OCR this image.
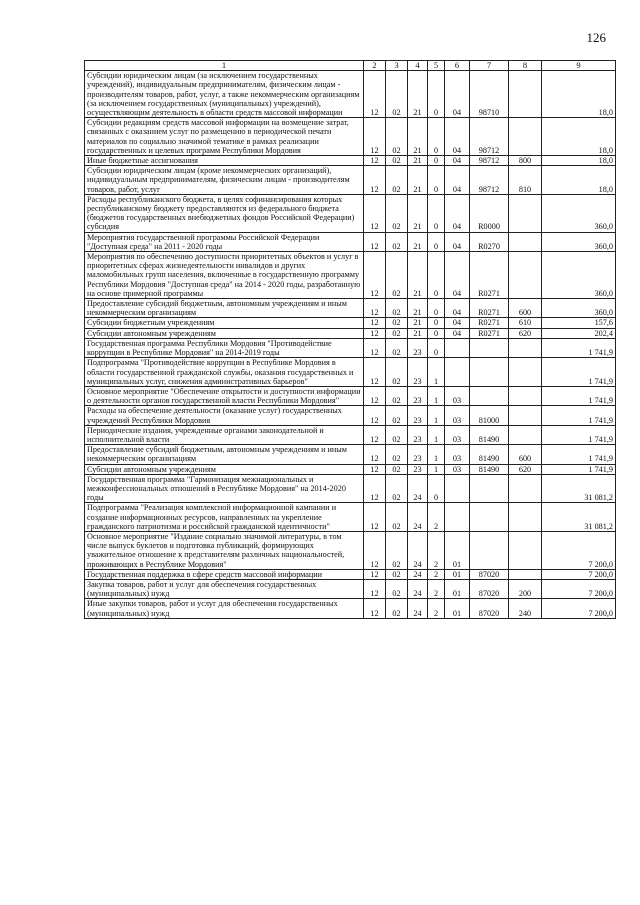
126
1	2	3	4	5	6	7	8	9
Субсидии юридическим лицам (за исключением государственных учреждений), индивидуальным предпринимателям, физическим лицам - производителям товаров, работ, услуг, а также некоммерческим организациям (за исключением государственных (муниципальных) учреждений), осуществляющим деятельность в области средств массовой информации	12	02	21	0	04	98710		18,0
Субсидии редакциям средств массовой информации на возмещение затрат, связанных с оказанием услуг по размещению в периодической печати материалов по социально значимой тематике в рамках реализации государственных и целевых программ Республики Мордовия	12	02	21	0	04	98712		18,0
Иные бюджетные ассигнования	12	02	21	0	04	98712	800	18,0
Субсидии юридическим лицам (кроме некоммерческих организаций), индивидуальным предпринимателям, физическим лицам - производителям товаров, работ, услуг	12	02	21	0	04	98712	810	18,0
Расходы республиканского бюджета, в целях софинансирования которых республиканскому бюджету предоставляются из федерального бюджета (бюджетов государственных внебюджетных фондов Российской Федерации) субсидия	12	02	21	0	04	R0000		360,0
Мероприятия государственной программы Российской Федерации "Доступная среда" на 2011 - 2020 годы	12	02	21	0	04	R0270		360,0
Мероприятия по обеспечению доступности приоритетных объектов и услуг в приоритетных сферах жизнедеятельности инвалидов и других маломобильных групп населения, включенные в государственную программу Республики Мордовия "Доступная среда" на 2014 - 2020 годы, разработанную на основе примерной программы	12	02	21	0	04	R0271		360,0
Предоставление субсидий бюджетным, автономным учреждениям и иным некоммерческим организациям	12	02	21	0	04	R0271	600	360,0
Субсидии бюджетным учреждениям	12	02	21	0	04	R0271	610	157,6
Субсидии автономным учреждениям	12	02	21	0	04	R0271	620	202,4
Государственная программа Республики Мордовия "Противодействие коррупции в Республике Мордовия" на 2014-2019 годы	12	02	23	0				1 741,9
Подпрограмма "Противодействие коррупции в Республике Мордовия в области государственной гражданской службы, оказания государственных и муниципальных услуг, снижения административных барьеров"	12	02	23	1				1 741,9
Основное мероприятие "Обеспечение открытости и доступности информации о деятельности органов государственной власти Республики Мордовия"	12	02	23	1	03			1 741,9
Расходы на обеспечение деятельности (оказание услуг) государственных учреждений Республики Мордовия	12	02	23	1	03	81000		1 741,9
Периодические издания, учрежденные органами законодательной и исполнительной власти	12	02	23	1	03	81490		1 741,9
Предоставление субсидий бюджетным, автономным учреждениям и иным некоммерческим организациям	12	02	23	1	03	81490	600	1 741,9
Субсидии автономным учреждениям	12	02	23	1	03	81490	620	1 741,9
Государственная программа "Гармонизация межнациональных и межконфессиональных отношений в Республике Мордовия" на 2014-2020 годы	12	02	24	0				31 081,2
Подпрограмма "Реализация комплексной информационной кампании и создание информационных ресурсов, направленных на укрепление гражданского патриотизма и российской гражданской идентичности"	12	02	24	2				31 081,2
Основное мероприятие "Издание социально значимой литературы, в том числе выпуск буклетов и подготовка публикаций, формирующих уважительное отношение к представителям различных национальностей, проживающих в Республике Мордовия"	12	02	24	2	01			7 200,0
Государственная поддержка в сфере средств массовой информации	12	02	24	2	01	87020		7 200,0
Закупка товаров, работ и услуг для обеспечения государственных (муниципальных) нужд	12	02	24	2	01	87020	200	7 200,0
Иные закупки товаров, работ и услуг для обеспечения государственных (муниципальных) нужд	12	02	24	2	01	87020	240	7 200,0
